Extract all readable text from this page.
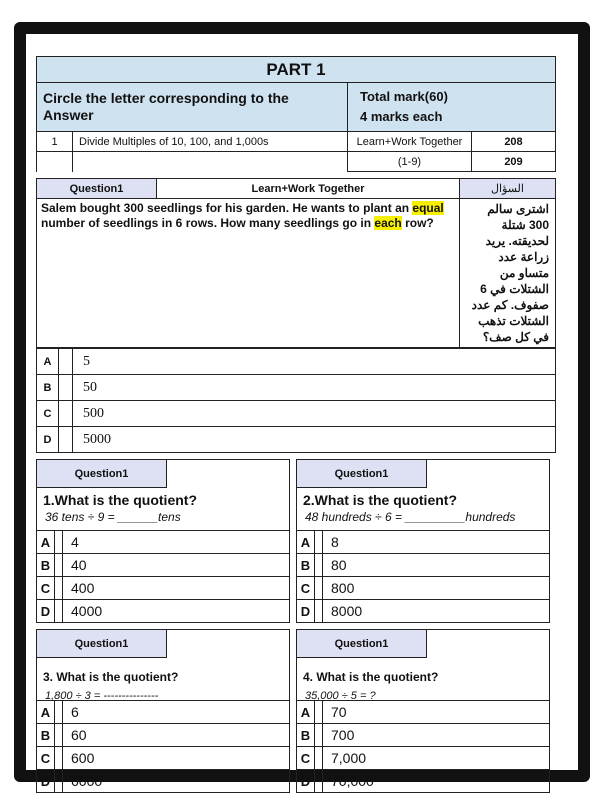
PART 1			
Circle the letter corresponding to the Answer		Total mark(60)
4 marks each	

1	Divide Multiples of 10, 100, and 1,000s	Learn+Work Together	208
		(1-9)	209
Question1	Learn+Work Together	السؤال
Salem bought 300 seedlings for his garden. He wants to plant an equal number of seedlings in 6 rows. How many seedlings go in each row?		اشترى سالم 300 شتلة لحديقته. يريد زراعة عدد متساو من الشتلات في 6 صفوف. كم عدد الشتلات تذهب في كل صف؟
A		5
B		50
C		500
D		5000
Question1
1.What is the quotient?
36 tens ÷ 9 = ______tens
A	4
B	40
C	400
D	4000
Question1
2.What is the quotient?
48 hundreds ÷ 6 = _________hundreds
A	8
B	80
C	800
D	8000
Question1
3. What is the quotient?
1,800 ÷ 3 = ---------------
A	6
B	60
C	600
D	6000
Question1
4. What is the quotient?
35,000 ÷ 5 = ?
A	70
B	700
C	7,000
D	70,000
